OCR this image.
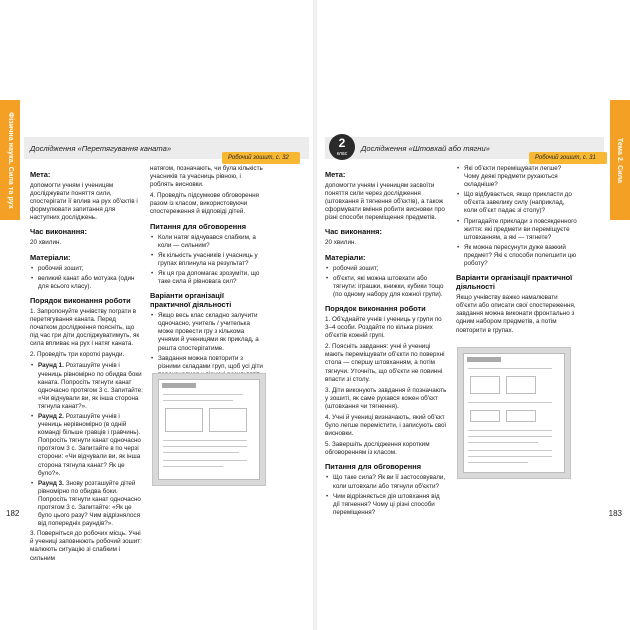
Фізична наука. Сила та рух Дослідження «Перетягування каната»
Робочий зошит, с. 32
Мета:

допомогти учням і ученицям досліджувати поняття сили, спостерігати її вплив на рух об'єктів і формулювати запитання для наступних досліджень.

Час виконання:

20 хвилин.

Матеріали:
• робочий зошит;
• великий канат або мотузка (один для всього класу).
Порядок виконання роботи

1. Запропонуйте учнівству пограти в перетягування каната. Перед початком дослідження поясніть, що під час гри діти досліджуватимуть, як сила впливає на рух і натяг каната.

2. Проведіть три короткі раунди.

• Раунд 1. Розташуйте учнів і учениць рівномірно по обидва боки каната. Попросіть тягнути канат одночасно протягом 3 с. Запитайте: «Чи відчували ви, як інша сторона тягнула канат?».
• Раунд 2. Розташуйте учнів і учениць нерівномірно (в одній команді більше гравців і гравчинь). Попросіть тягнути канат одночасно протягом 3 с. Запитайте в по черзі сторони: «Чи відчували ви, як інша сторона тягнула канат? Як це було?».
• Раунд 3. Знову розташуйте дітей рівномірно по обидва боки. Попросіть тягнути канат одночасно протягом 3 с. Запитайте: «Як це було цього разу? Чим відрізнялося від попередніх раундів?».

3. Поверніться до робочих місць. Учні й учениці заповнюють робочий зошит: малюють ситуацію зі слабким і сильним

натягом, позначають, чи була кількість учасників та учасниць рівною, і роблять висновки.

4. Проведіть підсумкове обговорення разом із класом, використовуючи спостереження й відповіді дітей.

Питання для обговорення
• Коли натяг відчувався слабким, а коли — сильним?
• Як кількість учасників і учасниць у групах вплинула на результат?
• Як ця гра допомагає зрозуміти, що таке сила й рівновага сил?
Варіанти організації практичної діяльності
• Якщо весь клас складно залучити одночасно, учитель / учителька може провести гру з кількома учнями й ученицями як приклад, а решта спостерігатиме.
• Завдання можна повторити з різними складами груп, щоб усі діти
182
Тема 2. Сила
Дослідження «Штовхай або тягни»
2
клас
Робочий зошит, с. 31
Мета:

допомогти учням і ученицям засвоїти поняття сили через дослідження (штовхання й тягнення об'єктів), а також сформувати вміння робити висновки про різні способи переміщення предметів.

Час виконання:

20 хвилин.

Матеріали:
• робочий зошит;
• об'єкти, які можна штовхати або тягнути: іграшки, книжки, кубики тощо (по одному набору для кожної групи).
Порядок виконання роботи

1. Об'єднайте учнів і учениць у групи по 3–4 особи. Роздайте по кілька різних об'єктів кожній групі.

2. Поясніть завдання: учні й учениці мають переміщувати об'єкти по поверхні стола — спершу штовханням, а потім тягнучи. Уточніть, що об'єкти не повинні впасти зі столу.

3. Діти виконують завдання й позначають у зошиті, як саме рухався кожен об'єкт (штовхання чи тягнення).

4. Учні й учениці визначають, який об'єкт було легше перемістити, і записують свої висновки.

5. Завершіть дослідження коротким обговоренням із класом.

Питання для обговорення
• Що таке сила? Як ви її застосовували, коли штовхали або тягнули об'єкти?
• Чим відрізняється дія штовхання від дії тягнення? Чому ці різні способи переміщення?
• Які об'єкти переміщувати легше? Чому деякі предмети рухаються складніше?
• Що відбувається, якщо прикласти до об'єкта завелику силу (наприклад, коли об'єкт падає зі столу)?
• Пригадайте приклади з повсякденного життя: які предмети ви переміщуєте штовханням, а які — тягнете?
• Як можна пересунути дуже важкий предмет? Які є способи полегшити цю роботу?
Варіанти організації практичної діяльності

Якщо учнівству важко намалювати об'єкти або описати свої спостереження, завдання можна виконати фронтально з одним набором предметів, а потім повторити в групах.

183
